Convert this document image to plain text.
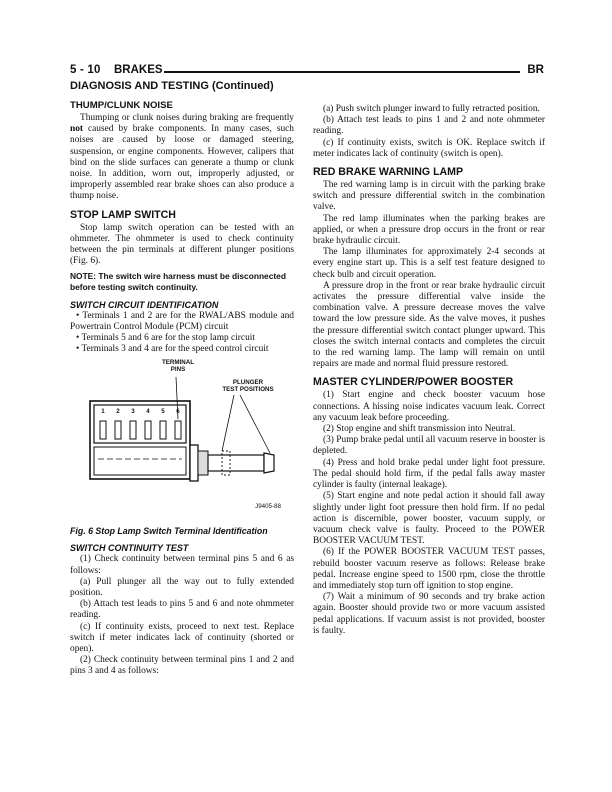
5 - 10 BRAKES	BR
DIAGNOSIS AND TESTING (Continued)
THUMP/CLUNK NOISE

Thumping or clunk noises during braking are frequently not caused by brake components. In many cases, such noises are caused by loose or damaged steering, suspension, or engine components. However, calipers that bind on the slide surfaces can generate a thump or clunk noise. In addition, worn out, improperly adjusted, or improperly assembled rear brake shoes can also produce a thump noise.

STOP LAMP SWITCH

Stop lamp switch operation can be tested with an ohmmeter. The ohmmeter is used to check continuity between the pin terminals at different plunger positions (Fig. 6).

NOTE: The switch wire harness must be disconnected before testing switch continuity.

SWITCH CIRCUIT IDENTIFICATION

• Terminals 1 and 2 are for the RWAL/ABS module and Powertrain Control Module (PCM) circuit

• Terminals 5 and 6 are for the stop lamp circuit

• Terminals 3 and 4 are for the speed control circuit

TERMINAL
PINS
PLUNGER
TEST POSITIONS
1	2	3	4	5	6
J9405-88
Fig. 6 Stop Lamp Switch Terminal Identification
SWITCH CONTINUITY TEST

(1) Check continuity between terminal pins 5 and 6 as follows:

(a) Pull plunger all the way out to fully extended position.

(b) Attach test leads to pins 5 and 6 and note ohmmeter reading.

(c) If continuity exists, proceed to next test. Replace switch if meter indicates lack of continuity (shorted or open).

(2) Check continuity between terminal pins 1 and 2 and pins 3 and 4 as follows:

(a) Push switch plunger inward to fully retracted position.

(b) Attach test leads to pins 1 and 2 and note ohmmeter reading.

(c) If continuity exists, switch is OK. Replace switch if meter indicates lack of continuity (switch is open).

RED BRAKE WARNING LAMP

The red warning lamp is in circuit with the parking brake switch and pressure differential switch in the combination valve.

The red lamp illuminates when the parking brakes are applied, or when a pressure drop occurs in the front or rear brake hydraulic circuit.

The lamp illuminates for approximately 2-4 seconds at every engine start up. This is a self test feature designed to check bulb and circuit operation.

A pressure drop in the front or rear brake hydraulic circuit activates the pressure differential valve inside the combination valve. A pressure decrease moves the valve toward the low pressure side. As the valve moves, it pushes the pressure differential switch contact plunger upward. This closes the switch internal contacts and completes the circuit to the red warning lamp. The lamp will remain on until repairs are made and normal fluid pressure restored.

MASTER CYLINDER/POWER BOOSTER

(1) Start engine and check booster vacuum hose connections. A hissing noise indicates vacuum leak. Correct any vacuum leak before proceeding.

(2) Stop engine and shift transmission into Neutral.

(3) Pump brake pedal until all vacuum reserve in booster is depleted.

(4) Press and hold brake pedal under light foot pressure. The pedal should hold firm, if the pedal falls away master cylinder is faulty (internal leakage).

(5) Start engine and note pedal action it should fall away slightly under light foot pressure then hold firm. If no pedal action is discernible, power booster, vacuum supply, or vacuum check valve is faulty. Proceed to the POWER BOOSTER VACUUM TEST.

(6) If the POWER BOOSTER VACUUM TEST passes, rebuild booster vacuum reserve as follows: Release brake pedal. Increase engine speed to 1500 rpm, close the throttle and immediately stop turn off ignition to stop engine.

(7) Wait a minimum of 90 seconds and try brake action again. Booster should provide two or more vacuum assisted pedal applications. If vacuum assist is not provided, booster is faulty.
